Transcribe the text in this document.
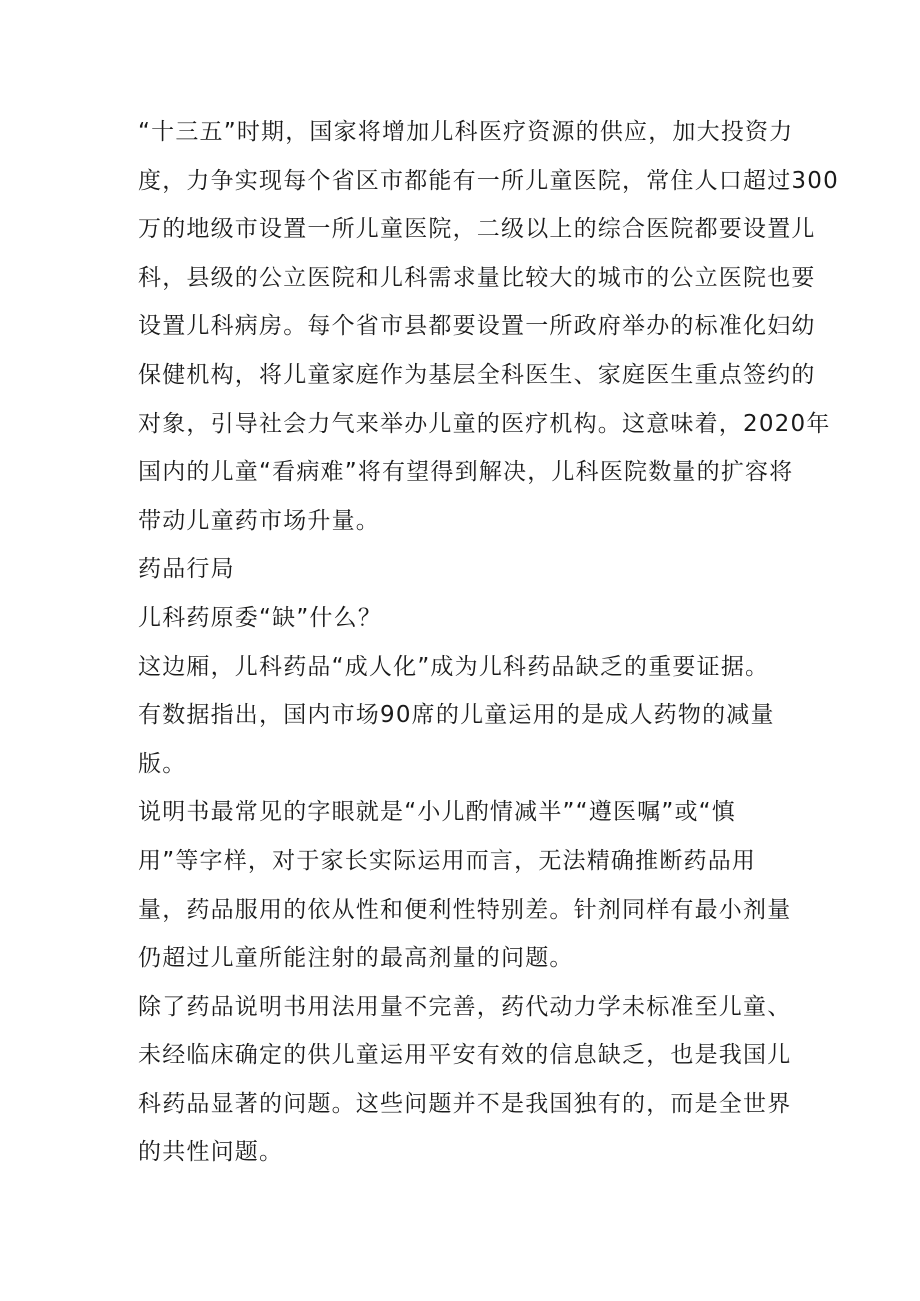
“十三五”时期，国家将增加儿科医疗资源的供应，加大投资力
度，力争实现每个省区市都能有一所儿童医院，常住人口超过300
万的地级市设置一所儿童医院，二级以上的综合医院都要设置儿
科，县级的公立医院和儿科需求量比较大的城市的公立医院也要
设置儿科病房。每个省市县都要设置一所政府举办的标准化妇幼
保健机构，将儿童家庭作为基层全科医生、家庭医生重点签约的
对象，引导社会力气来举办儿童的医疗机构。这意味着，2020年
国内的儿童“看病难”将有望得到解决，儿科医院数量的扩容将
带动儿童药市场升量。
药品行局
儿科药原委“缺”什么？
这边厢，儿科药品“成人化”成为儿科药品缺乏的重要证据。
有数据指出，国内市场90席的儿童运用的是成人药物的减量
版。
说明书最常见的字眼就是“小儿酌情减半”“遵医嘱”或“慎
用”等字样，对于家长实际运用而言，无法精确推断药品用
量，药品服用的依从性和便利性特别差。针剂同样有最小剂量
仍超过儿童所能注射的最高剂量的问题。
除了药品说明书用法用量不完善，药代动力学未标准至儿童、
未经临床确定的供儿童运用平安有效的信息缺乏，也是我国儿
科药品显著的问题。这些问题并不是我国独有的，而是全世界
的共性问题。
